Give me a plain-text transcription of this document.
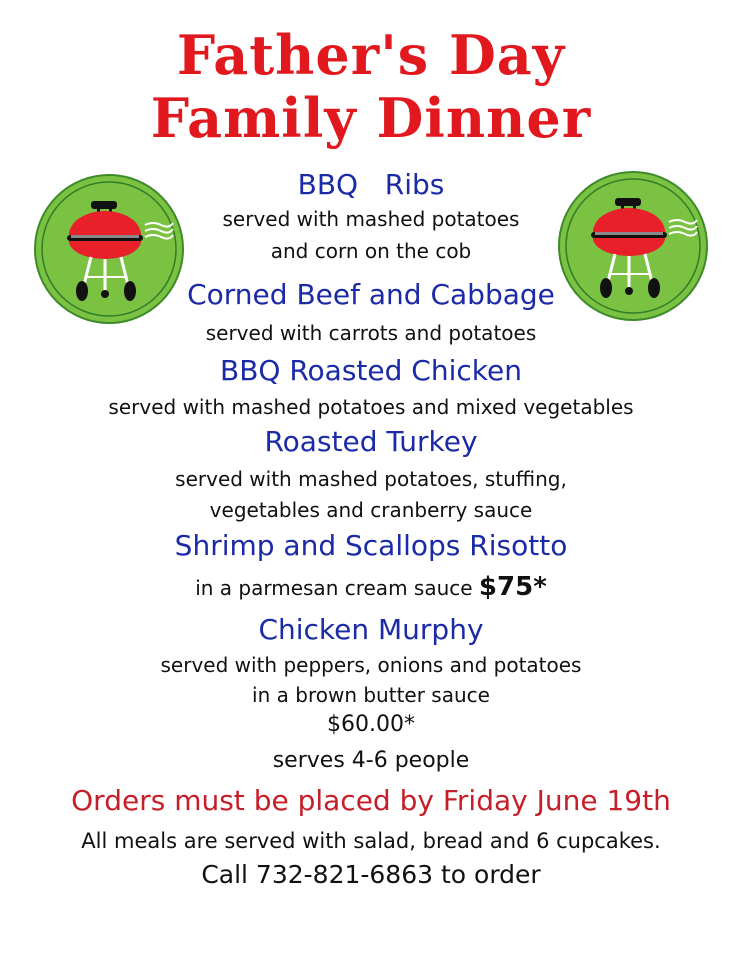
Father's Day
Family Dinner
BBQ   Ribs
served with mashed potatoes
and corn on the cob
Corned Beef and Cabbage
served with carrots and potatoes
BBQ Roasted Chicken
served with mashed potatoes and mixed vegetables
Roasted Turkey
served with mashed potatoes, stuffing,
vegetables and cranberry sauce
Shrimp and Scallops Risotto
in a parmesan cream sauce $75*
Chicken Murphy
served with peppers, onions and potatoes
in a brown butter sauce
$60.00*
serves 4-6 people
Orders must be placed by Friday June 19th
All meals are served with salad, bread and 6 cupcakes.
Call 732-821-6863 to order
